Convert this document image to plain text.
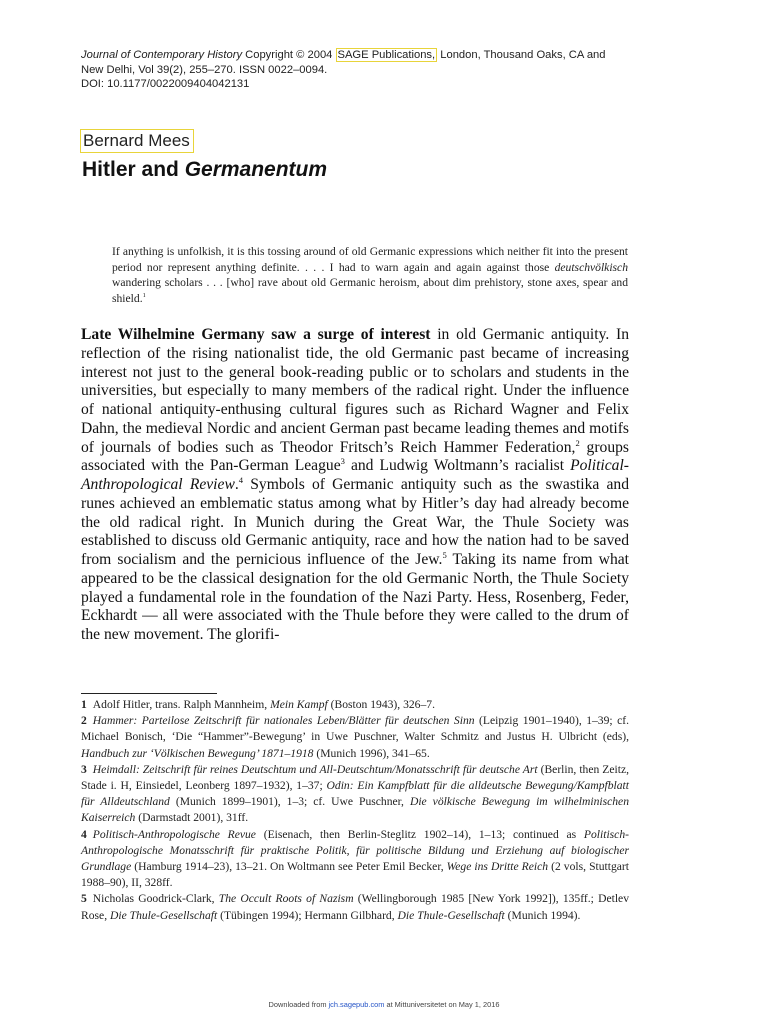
Journal of Contemporary History Copyright © 2004 SAGE Publications, London, Thousand Oaks, CA and
New Delhi, Vol 39(2), 255–270. ISSN 0022–0094.
DOI: 10.1177/0022009404042131
Bernard Mees
Hitler and Germanentum
If anything is unfolkish, it is this tossing around of old Germanic expressions which neither fit into the present period nor represent anything definite. . . . I had to warn again and again against those deutschvölkisch wandering scholars . . . [who] rave about old Germanic heroism, about dim prehistory, stone axes, spear and shield.$^1$
Late Wilhelmine Germany saw a surge of interest in old Germanic antiquity. In reflection of the rising nationalist tide, the old Germanic past became of increasing interest not just to the general book-reading public or to scholars and students in the universities, but especially to many members of the radical right. Under the influence of national antiquity-enthusing cultural figures such as Richard Wagner and Felix Dahn, the medieval Nordic and ancient German past became leading themes and motifs of journals of bodies such as Theodor Fritsch’s Reich Hammer Federation,$^2$ groups associated with the Pan-German League$^3$ and Ludwig Woltmann’s racialist Political-Anthropological Review.$^4$ Symbols of Germanic antiquity such as the swastika and runes achieved an emblematic status among what by Hitler’s day had already become the old radical right. In Munich during the Great War, the Thule Society was established to discuss old Germanic antiquity, race and how the nation had to be saved from socialism and the pernicious influence of the Jew.$^5$ Taking its name from what appeared to be the classical designation for the old Germanic North, the Thule Society played a fundamental role in the foundation of the Nazi Party. Hess, Rosenberg, Feder, Eckhardt — all were associated with the Thule before they were called to the drum of the new movement. The glorifi-

1 Adolf Hitler, trans. Ralph Mannheim, Mein Kampf (Boston 1943), 326–7.

2 Hammer: Parteilose Zeitschrift für nationales Leben/Blätter für deutschen Sinn (Leipzig 1901–1940), 1–39; cf. Michael Bonisch, ‘Die “Hammer”-Bewegung’ in Uwe Puschner, Walter Schmitz and Justus H. Ulbricht (eds), Handbuch zur ‘Völkischen Bewegung’ 1871–1918 (Munich 1996), 341–65.

3 Heimdall: Zeitschrift für reines Deutschtum und All-Deutschtum/Monatsschrift für deutsche Art (Berlin, then Zeitz, Stade i. H, Einsiedel, Leonberg 1897–1932), 1–37; Odin: Ein Kampfblatt für die alldeutsche Bewegung/Kampfblatt für Alldeutschland (Munich 1899–1901), 1–3; cf. Uwe Puschner, Die völkische Bewegung im wilhelminischen Kaiserreich (Darmstadt 2001), 31ff.

4 Politisch-Anthropologische Revue (Eisenach, then Berlin-Steglitz 1902–14), 1–13; continued as Politisch-Anthropologische Monatsschrift für praktische Politik, für politische Bildung und Erziehung auf biologischer Grundlage (Hamburg 1914–23), 13–21. On Woltmann see Peter Emil Becker, Wege ins Dritte Reich (2 vols, Stuttgart 1988–90), II, 328ff.

5 Nicholas Goodrick-Clark, The Occult Roots of Nazism (Wellingborough 1985 [New York 1992]), 135ff.; Detlev Rose, Die Thule-Gesellschaft (Tübingen 1994); Hermann Gilbhard, Die Thule-Gesellschaft (Munich 1994).

Downloaded from jch.sagepub.com at Mittuniversitetet on May 1, 2016
